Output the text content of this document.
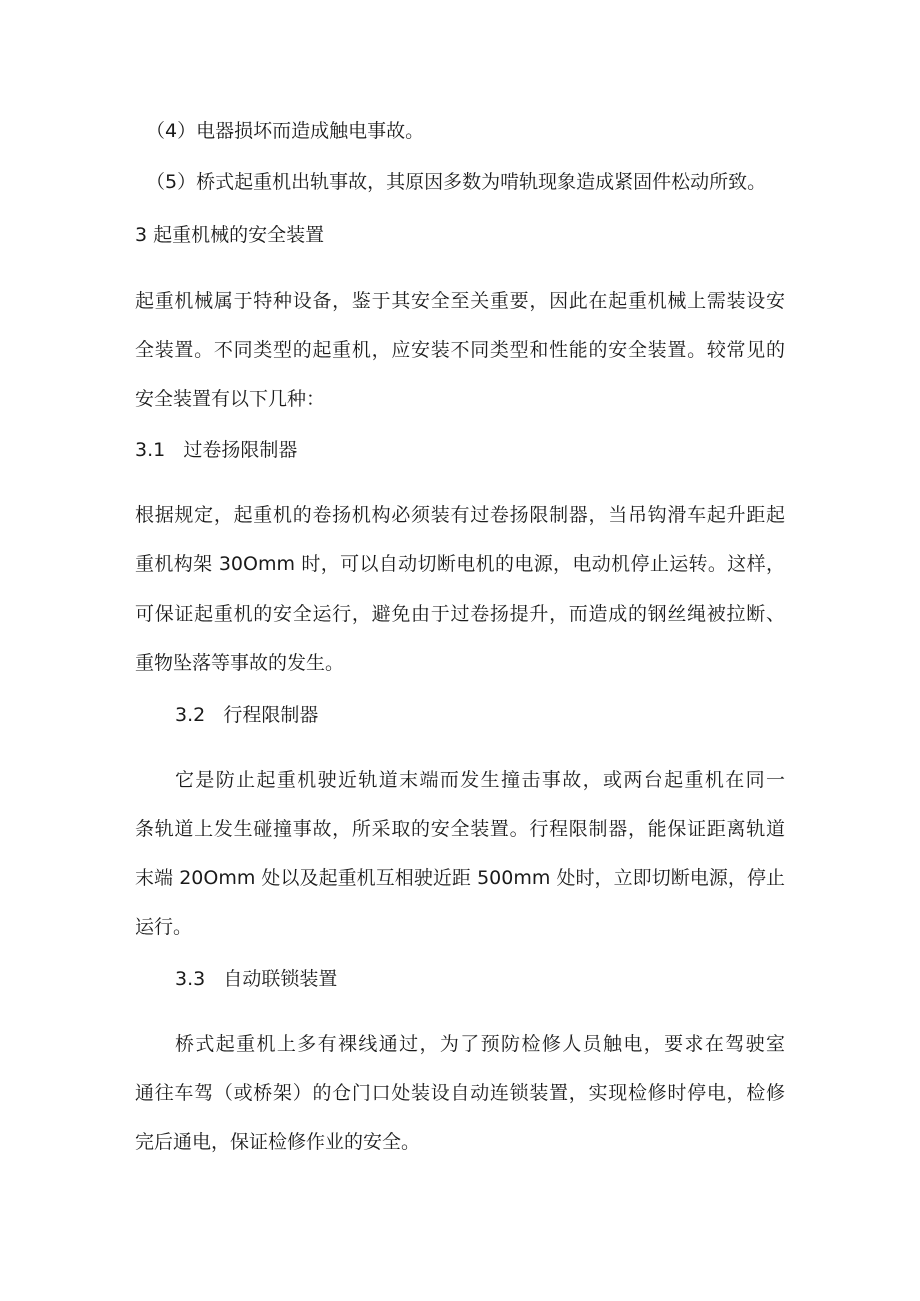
（4）电器损坏而造成触电事故。

（5）桥式起重机出轨事故，其原因多数为啃轨现象造成紧固件松动所致。

3 起重机械的安全装置

起重机械属于特种设备，鉴于其安全至关重要，因此在起重机械上需装设安

全装置。不同类型的起重机，应安装不同类型和性能的安全装置。较常见的

安全装置有以下几种：

3.1   过卷扬限制器

根据规定，起重机的卷扬机构必须装有过卷扬限制器，当吊钩滑车起升距起

重机构架 30Omm 时，可以自动切断电机的电源，电动机停止运转。这样，

可保证起重机的安全运行，避免由于过卷扬提升，而造成的钢丝绳被拉断、

重物坠落等事故的发生。

3.2   行程限制器

它是防止起重机驶近轨道末端而发生撞击事故，或两台起重机在同一

条轨道上发生碰撞事故，所采取的安全装置。行程限制器，能保证距离轨道

末端 20Omm 处以及起重机互相驶近距 500mm 处时，立即切断电源，停止

运行。

3.3   自动联锁装置

桥式起重机上多有裸线通过，为了预防检修人员触电，要求在驾驶室

通往车驾（或桥架）的仓门口处装设自动连锁装置，实现检修时停电，检修

完后通电，保证检修作业的安全。
